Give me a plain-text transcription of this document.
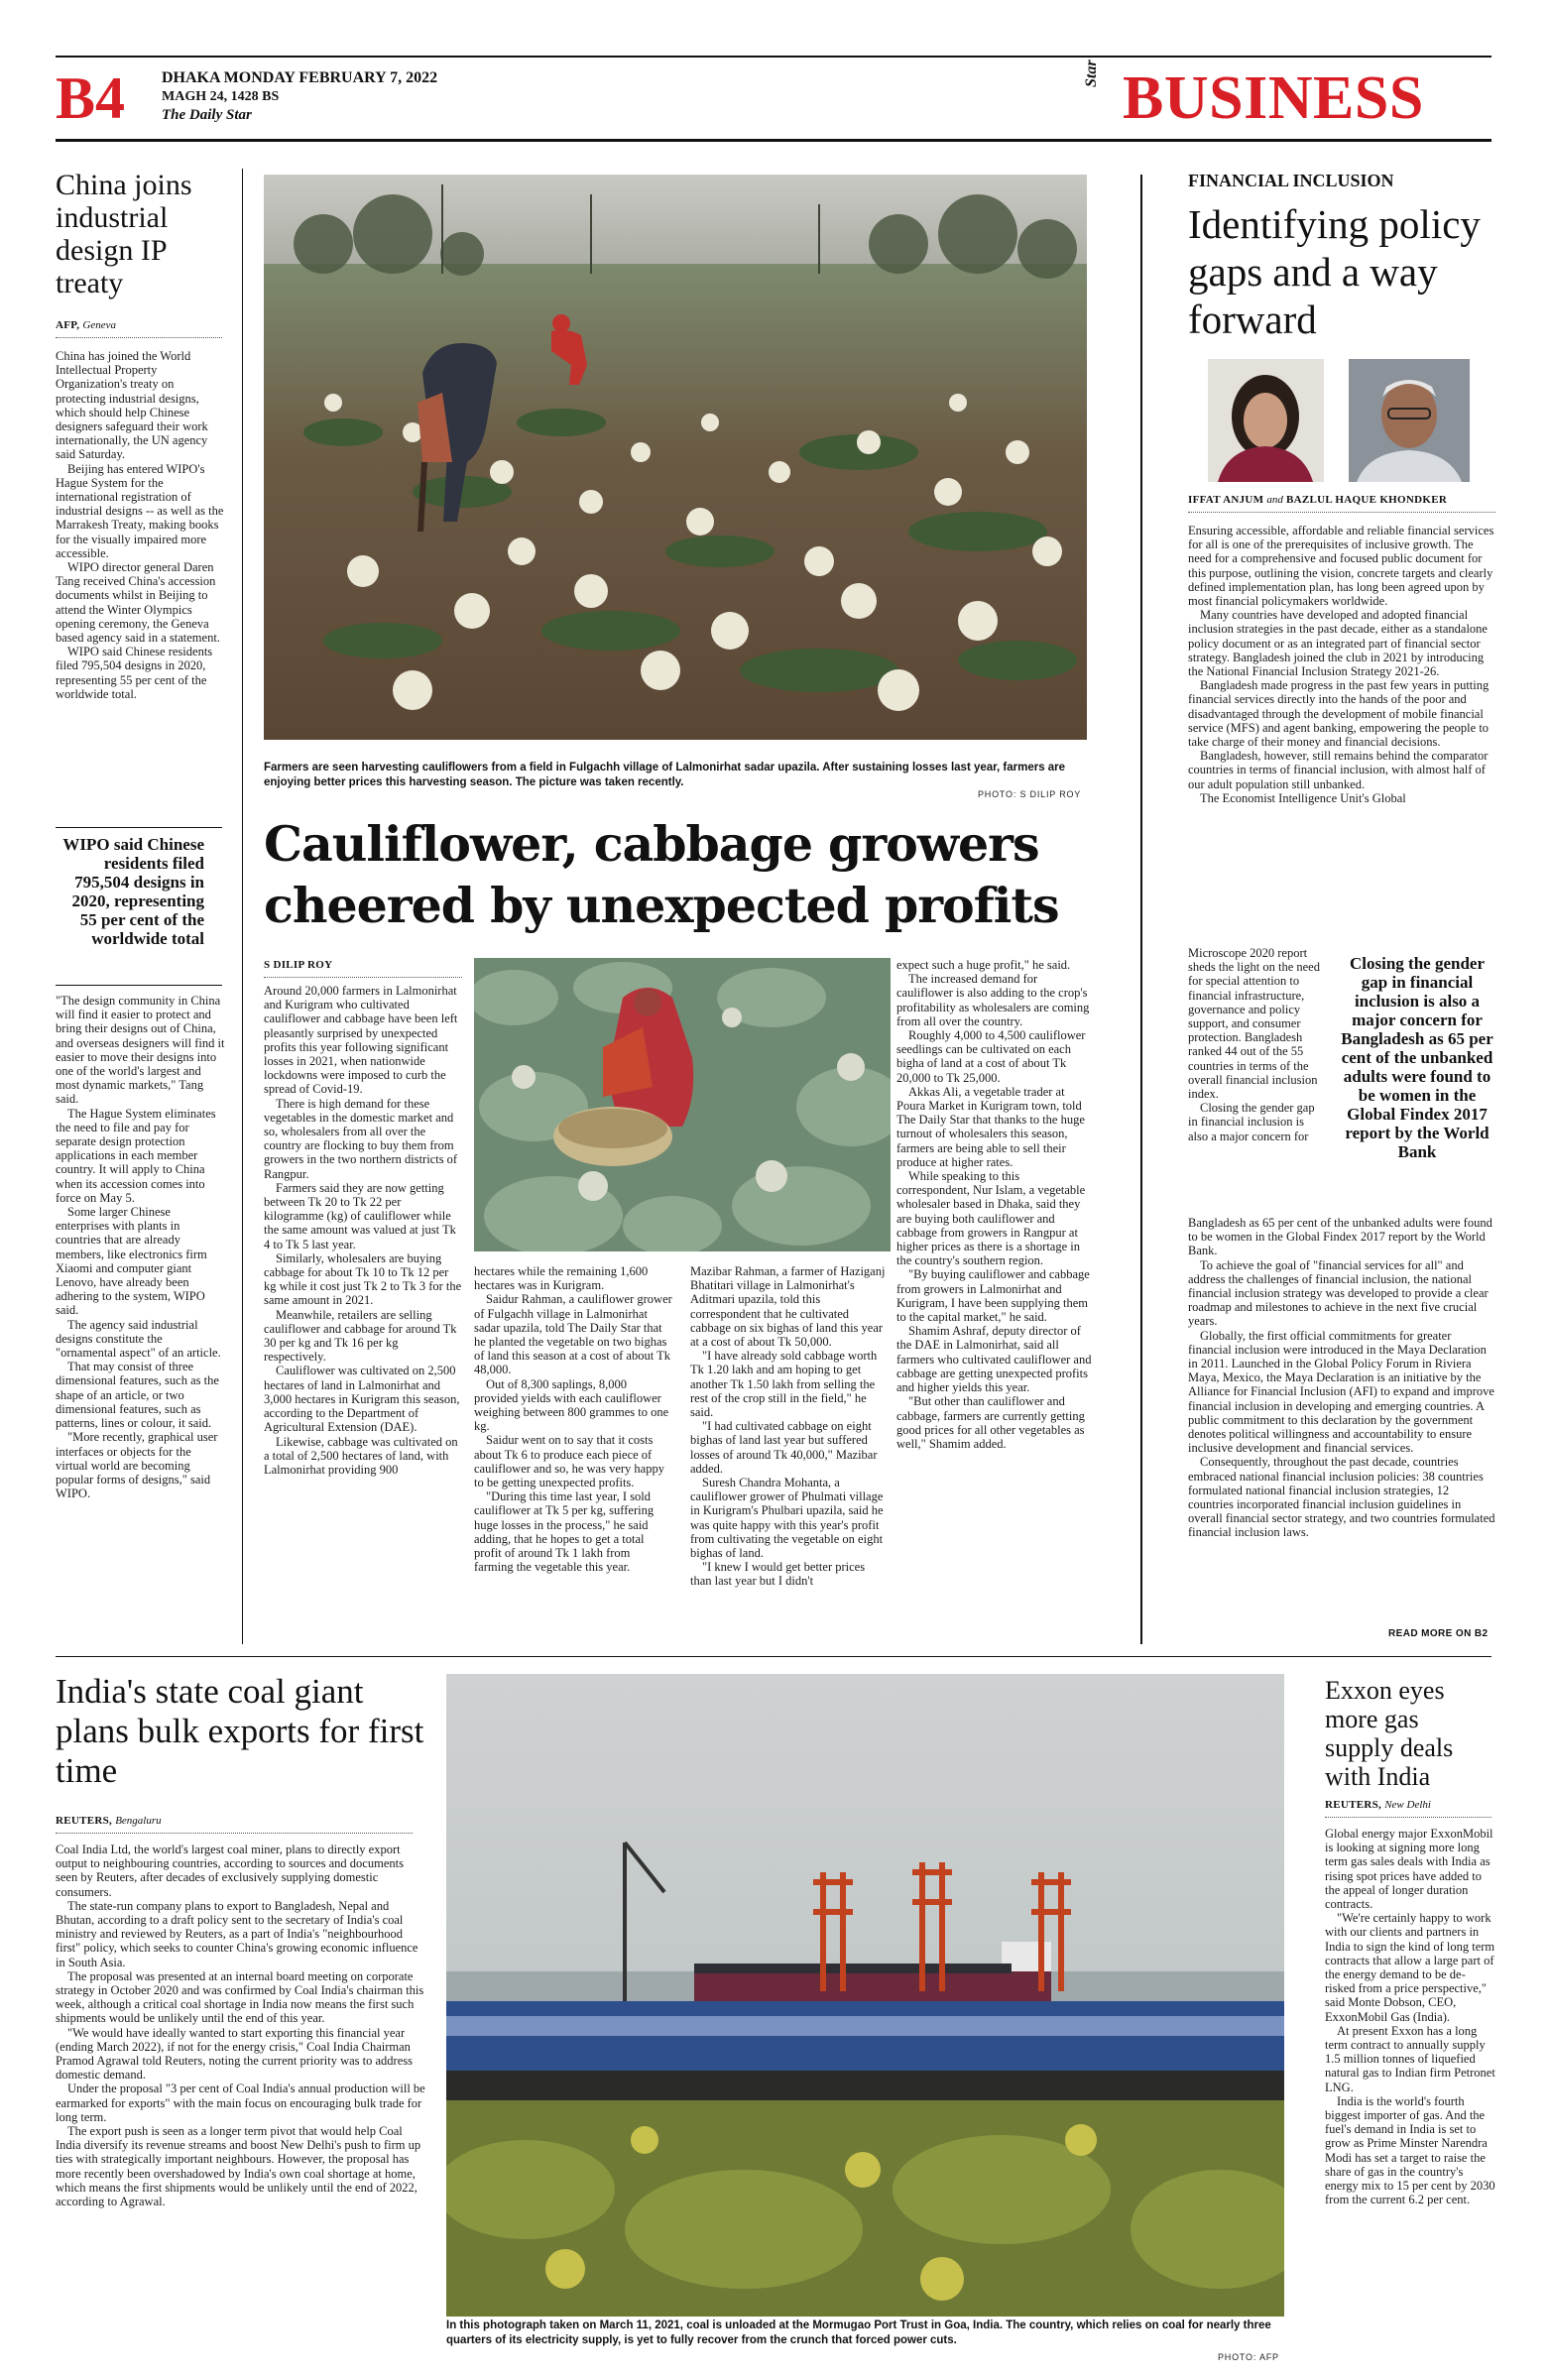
B4 DHAKA MONDAY FEBRUARY 7, 2022
MAGH 24, 1428 BS
The Daily Star
Star BUSINESS
China joins industrial design IP treaty
AFP, Geneva

China has joined the World Intellectual Property Organization's treaty on protecting industrial designs, which should help Chinese designers safeguard their work internationally, the UN agency said Saturday.

Beijing has entered WIPO's Hague System for the international registration of industrial designs -- as well as the Marrakesh Treaty, making books for the visually impaired more accessible.

WIPO director general Daren Tang received China's accession documents whilst in Beijing to attend the Winter Olympics opening ceremony, the Geneva based agency said in a statement.

WIPO said Chinese residents filed 795,504 designs in 2020, representing 55 per cent of the worldwide total.

WIPO said Chinese residents filed 795,504 designs in 2020, representing 55 per cent of the worldwide total

"The design community in China will find it easier to protect and bring their designs out of China, and overseas designers will find it easier to move their designs into one of the world's largest and most dynamic markets," Tang said.

The Hague System eliminates the need to file and pay for separate design protection applications in each member country. It will apply to China when its accession comes into force on May 5.

Some larger Chinese enterprises with plants in countries that are already members, like electronics firm Xiaomi and computer giant Lenovo, have already been adhering to the system, WIPO said.

The agency said industrial designs constitute the "ornamental aspect" of an article.

That may consist of three dimensional features, such as the shape of an article, or two dimensional features, such as patterns, lines or colour, it said.

"More recently, graphical user interfaces or objects for the virtual world are becoming popular forms of designs," said WIPO.

Farmers are seen harvesting cauliflowers from a field in Fulgachh village of Lalmonirhat sadar upazila. After sustaining losses last year, farmers are enjoying better prices this harvesting season. The picture was taken recently.
PHOTO: S DILIP ROY
Cauliflower, cabbage growers cheered by unexpected profits
S DILIP ROY

Around 20,000 farmers in Lalmonirhat and Kurigram who cultivated cauliflower and cabbage have been left pleasantly surprised by unexpected profits this year following significant losses in 2021, when nationwide lockdowns were imposed to curb the spread of Covid-19.

There is high demand for these vegetables in the domestic market and so, wholesalers from all over the country are flocking to buy them from growers in the two northern districts of Rangpur.

Farmers said they are now getting between Tk 20 to Tk 22 per kilogramme (kg) of cauliflower while the same amount was valued at just Tk 4 to Tk 5 last year.

Similarly, wholesalers are buying cabbage for about Tk 10 to Tk 12 per kg while it cost just Tk 2 to Tk 3 for the same amount in 2021.

Meanwhile, retailers are selling cauliflower and cabbage for around Tk 30 per kg and Tk 16 per kg respectively.

Cauliflower was cultivated on 2,500 hectares of land in Lalmonirhat and 3,000 hectares in Kurigram this season, according to the Department of Agricultural Extension (DAE).

Likewise, cabbage was cultivated on a total of 2,500 hectares of land, with Lalmonirhat providing 900

hectares while the remaining 1,600 hectares was in Kurigram.

Saidur Rahman, a cauliflower grower of Fulgachh village in Lalmonirhat sadar upazila, told The Daily Star that he planted the vegetable on two bighas of land this season at a cost of about Tk 48,000.

Out of 8,300 saplings, 8,000 provided yields with each cauliflower weighing between 800 grammes to one kg.

Saidur went on to say that it costs about Tk 6 to produce each piece of cauliflower and so, he was very happy to be getting unexpected profits.

"During this time last year, I sold cauliflower at Tk 5 per kg, suffering huge losses in the process," he said adding, that he hopes to get a total profit of around Tk 1 lakh from farming the vegetable this year.

Mazibar Rahman, a farmer of Haziganj Bhatitari village in Lalmonirhat's Aditmari upazila, told this correspondent that he cultivated cabbage on six bighas of land this year at a cost of about Tk 50,000.

"I have already sold cabbage worth Tk 1.20 lakh and am hoping to get another Tk 1.50 lakh from selling the rest of the crop still in the field," he said.

"I had cultivated cabbage on eight bighas of land last year but suffered losses of around Tk 40,000," Mazibar added.

Suresh Chandra Mohanta, a cauliflower grower of Phulmati village in Kurigram's Phulbari upazila, said he was quite happy with this year's profit from cultivating the vegetable on eight bighas of land.

"I knew I would get better prices than last year but I didn't

expect such a huge profit," he said.

The increased demand for cauliflower is also adding to the crop's profitability as wholesalers are coming from all over the country.

Roughly 4,000 to 4,500 cauliflower seedlings can be cultivated on each bigha of land at a cost of about Tk 20,000 to Tk 25,000.

Akkas Ali, a vegetable trader at Poura Market in Kurigram town, told The Daily Star that thanks to the huge turnout of wholesalers this season, farmers are being able to sell their produce at higher rates.

While speaking to this correspondent, Nur Islam, a vegetable wholesaler based in Dhaka, said they are buying both cauliflower and cabbage from growers in Rangpur at higher prices as there is a shortage in the country's southern region.

"By buying cauliflower and cabbage from growers in Lalmonirhat and Kurigram, I have been supplying them to the capital market," he said.

Shamim Ashraf, deputy director of the DAE in Lalmonirhat, said all farmers who cultivated cauliflower and cabbage are getting unexpected profits and higher yields this year.

"But other than cauliflower and cabbage, farmers are currently getting good prices for all other vegetables as well," Shamim added.

FINANCIAL INCLUSION
Identifying policy gaps and a way forward
IFFAT ANJUM and BAZLUL HAQUE KHONDKER

Ensuring accessible, affordable and reliable financial services for all is one of the prerequisites of inclusive growth. The need for a comprehensive and focused public document for this purpose, outlining the vision, concrete targets and clearly defined implementation plan, has long been agreed upon by most financial policymakers worldwide.

Many countries have developed and adopted financial inclusion strategies in the past decade, either as a standalone policy document or as an integrated part of financial sector strategy. Bangladesh joined the club in 2021 by introducing the National Financial Inclusion Strategy 2021-26.

Bangladesh made progress in the past few years in putting financial services directly into the hands of the poor and disadvantaged through the development of mobile financial service (MFS) and agent banking, empowering the people to take charge of their money and financial decisions.

Bangladesh, however, still remains behind the comparator countries in terms of financial inclusion, with almost half of our adult population still unbanked.

The Economist Intelligence Unit's Global

Microscope 2020 report sheds the light on the need for special attention to financial infrastructure, governance and policy support, and consumer protection. Bangladesh ranked 44 out of the 55 countries in terms of the overall financial inclusion index.

Closing the gender gap in financial inclusion is also a major concern for

Closing the gender gap in financial inclusion is also a major concern for Bangladesh as 65 per cent of the unbanked adults were found to be women in the Global Findex 2017 report by the World Bank

Bangladesh as 65 per cent of the unbanked adults were found to be women in the Global Findex 2017 report by the World Bank.

To achieve the goal of "financial services for all" and address the challenges of financial inclusion, the national financial inclusion strategy was developed to provide a clear roadmap and milestones to achieve in the next five crucial years.

Globally, the first official commitments for greater financial inclusion were introduced in the Maya Declaration in 2011. Launched in the Global Policy Forum in Riviera Maya, Mexico, the Maya Declaration is an initiative by the Alliance for Financial Inclusion (AFI) to expand and improve financial inclusion in developing and emerging countries. A public commitment to this declaration by the government denotes political willingness and accountability to ensure inclusive development and financial services.

Consequently, throughout the past decade, countries embraced national financial inclusion policies: 38 countries formulated national financial inclusion strategies, 12 countries incorporated financial inclusion guidelines in overall financial sector strategy, and two countries formulated financial inclusion laws.

READ MORE ON B2
India's state coal giant plans bulk exports for first time
REUTERS, Bengaluru

Coal India Ltd, the world's largest coal miner, plans to directly export output to neighbouring countries, according to sources and documents seen by Reuters, after decades of exclusively supplying domestic consumers.

The state-run company plans to export to Bangladesh, Nepal and Bhutan, according to a draft policy sent to the secretary of India's coal ministry and reviewed by Reuters, as a part of India's "neighbourhood first" policy, which seeks to counter China's growing economic influence in South Asia.

The proposal was presented at an internal board meeting on corporate strategy in October 2020 and was confirmed by Coal India's chairman this week, although a critical coal shortage in India now means the first such shipments would be unlikely until the end of this year.

"We would have ideally wanted to start exporting this financial year (ending March 2022), if not for the energy crisis," Coal India Chairman Pramod Agrawal told Reuters, noting the current priority was to address domestic demand.

Under the proposal "3 per cent of Coal India's annual production will be earmarked for exports" with the main focus on encouraging bulk trade for long term.

The export push is seen as a longer term pivot that would help Coal India diversify its revenue streams and boost New Delhi's push to firm up ties with strategically important neighbours. However, the proposal has more recently been overshadowed by India's own coal shortage at home, which means the first shipments would be unlikely until the end of 2022, according to Agrawal.

In this photograph taken on March 11, 2021, coal is unloaded at the Mormugao Port Trust in Goa, India. The country, which relies on coal for nearly three quarters of its electricity supply, is yet to fully recover from the crunch that forced power cuts.
PHOTO: AFP
Exxon eyes more gas supply deals with India
REUTERS, New Delhi

Global energy major ExxonMobil is looking at signing more long term gas sales deals with India as rising spot prices have added to the appeal of longer duration contracts.

"We're certainly happy to work with our clients and partners in India to sign the kind of long term contracts that allow a large part of the energy demand to be de-risked from a price perspective," said Monte Dobson, CEO, ExxonMobil Gas (India).

At present Exxon has a long term contract to annually supply 1.5 million tonnes of liquefied natural gas to Indian firm Petronet LNG.

India is the world's fourth biggest importer of gas. And the fuel's demand in India is set to grow as Prime Minster Narendra Modi has set a target to raise the share of gas in the country's energy mix to 15 per cent by 2030 from the current 6.2 per cent.
